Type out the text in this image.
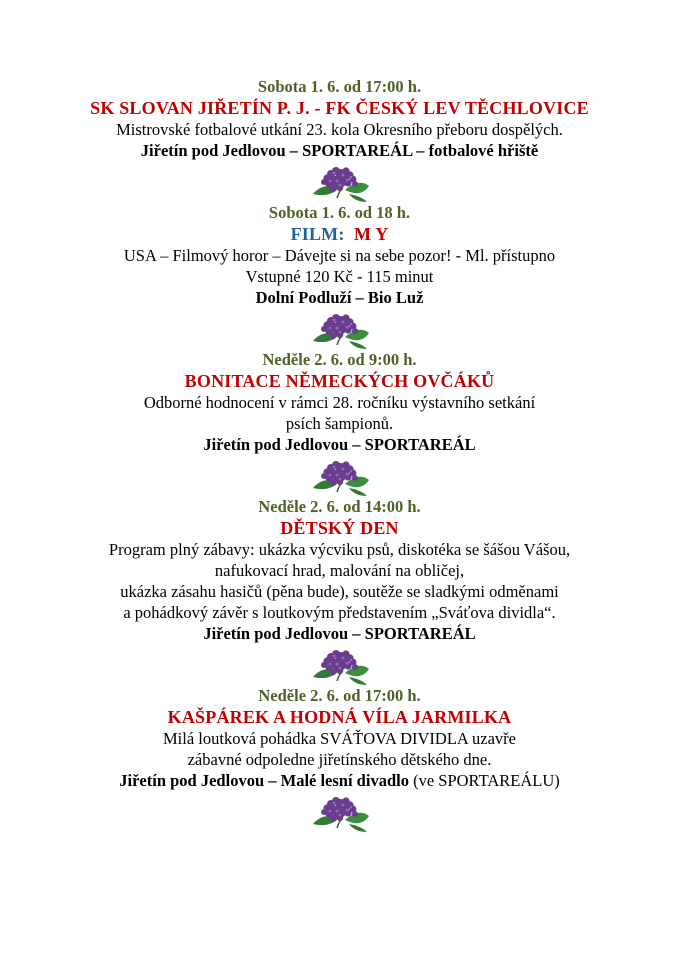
Sobota 1. 6. od 17:00 h.
SK SLOVAN JIŘETÍN P. J. - FK ČESKÝ LEV TĚCHLOVICE
Mistrovské fotbalové utkání 23. kola Okresního přeboru dospělých.
Jiřetín pod Jedlovou – SPORTAREÁL – fotbalové hřiště
Sobota 1. 6. od 18 h.
FILM: M Y
USA – Filmový horor – Dávejte si na sebe pozor! - Ml. přístupno
Vstupné 120 Kč - 115 minut
Dolní Podluží – Bio Luž
Neděle 2. 6. od 9:00 h.
BONITACE NĚMECKÝCH OVČÁKŮ
Odborné hodnocení v rámci 28. ročníku výstavního setkání
psích šampionů.
Jiřetín pod Jedlovou – SPORTAREÁL
Neděle 2. 6. od 14:00 h.
DĚTSKÝ DEN
Program plný zábavy: ukázka výcviku psů, diskotéka se šášou Vášou,
nafukovací hrad, malování na obličej,
ukázka zásahu hasičů (pěna bude), soutěže se sladkými odměnami
a pohádkový závěr s loutkovým představením „Sváťova dividla“.
Jiřetín pod Jedlovou – SPORTAREÁL
Neděle 2. 6. od 17:00 h.
KAŠPÁREK A HODNÁ VÍLA JARMILKA
Milá loutková pohádka SVÁŤOVA DIVIDLA uzavře
zábavné odpoledne jiřetínského dětského dne.
Jiřetín pod Jedlovou – Malé lesní divadlo (ve SPORTAREÁLU)
